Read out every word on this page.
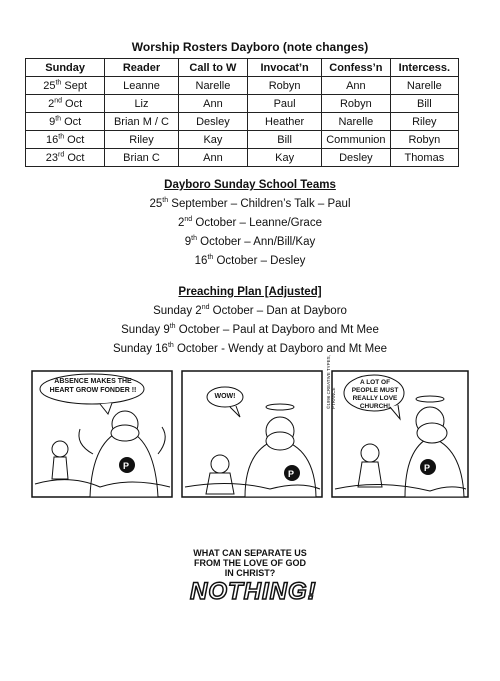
Worship Rosters Dayboro (note changes)
Sunday	Reader	Call to W	Invocat’n	Confess’n	Intercess.
25th Sept	Leanne	Narelle	Robyn	Ann	Narelle
2nd Oct	Liz	Ann	Paul	Robyn	Bill
9th Oct	Brian M / C	Desley	Heather	Narelle	Riley
16th Oct	Riley	Kay	Bill	Communion	Robyn
23rd Oct	Brian C	Ann	Kay	Desley	Thomas
Dayboro Sunday School Teams
25th September – Children’s Talk – Paul
2nd October – Leanne/Grace
9th October – Ann/Bill/Kay
16th October – Desley
Preaching Plan [Adjusted]
Sunday 2nd October – Dan at Dayboro
Sunday 9th October – Paul at Dayboro and Mt Mee
Sunday 16th October - Wendy at Dayboro and Mt Mee
P
P
P
ABSENCE MAKES THE HEART GROW FONDER !!
WOW!
A LOT OF PEOPLE MUST REALLY LOVE CHURCH!
©1996 CREATIVE TYPES, PTRANCE
WHAT CAN SEPARATE US FROM THE LOVE OF GOD IN CHRIST?
NOTHING!
